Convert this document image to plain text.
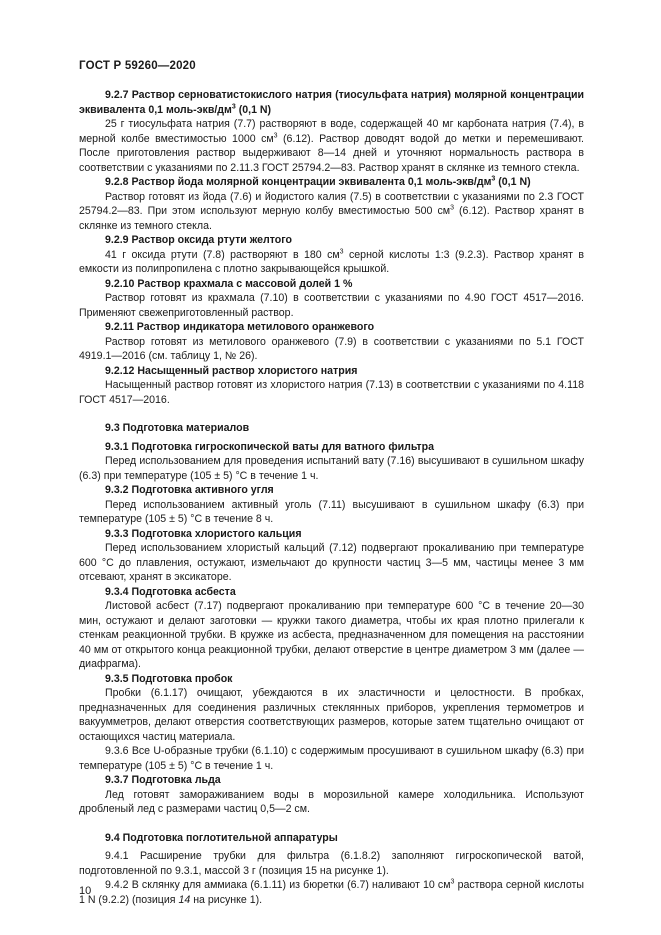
ГОСТ Р 59260—2020

9.2.7 Раствор серноватистокислого натрия (тиосульфата натрия) молярной концентрации эквивалента 0,1 моль-$экв/дм^3$ (0,1 N)

25 г тиосульфата натрия (7.7) растворяют в воде, содержащей 40 мг карбоната натрия (7.4), в мерной колбе вместимостью 1000 $см^3$ (6.12). Раствор доводят водой до метки и перемешивают. После приготовления раствор выдерживают 8—14 дней и уточняют нормальность раствора в соответствии с указаниями по 2.11.3 ГОСТ 25794.2—83. Раствор хранят в склянке из темного стекла.

9.2.8 Раствор йода молярной концентрации эквивалента 0,1 моль-$экв/дм^3$ (0,1 N)

Раствор готовят из йода (7.6) и йодистого калия (7.5) в соответствии с указаниями по 2.3 ГОСТ 25794.2—83. При этом используют мерную колбу вместимостью 500 $см^3$ (6.12). Раствор хранят в склянке из темного стекла.

9.2.9 Раствор оксида ртути желтого

41 г оксида ртути (7.8) растворяют в 180 $см^3$ серной кислоты 1:3 (9.2.3). Раствор хранят в емкости из полипропилена с плотно закрывающейся крышкой.

9.2.10 Раствор крахмала с массовой долей 1 %

Раствор готовят из крахмала (7.10) в соответствии с указаниями по 4.90 ГОСТ 4517—2016. Применяют свежеприготовленный раствор.

9.2.11 Раствор индикатора метилового оранжевого

Раствор готовят из метилового оранжевого (7.9) в соответствии с указаниями по 5.1 ГОСТ 4919.1—2016 (см. таблицу 1, № 26).

9.2.12 Насыщенный раствор хлористого натрия

Насыщенный раствор готовят из хлористого натрия (7.13) в соответствии с указаниями по 4.118 ГОСТ 4517—2016.

9.3 Подготовка материалов

9.3.1 Подготовка гигроскопической ваты для ватного фильтра

Перед использованием для проведения испытаний вату (7.16) высушивают в сушильном шкафу (6.3) при температуре (105 ± 5) °С в течение 1 ч.

9.3.2 Подготовка активного угля

Перед использованием активный уголь (7.11) высушивают в сушильном шкафу (6.3) при температуре (105 ± 5) °С в течение 8 ч.

9.3.3 Подготовка хлористого кальция

Перед использованием хлористый кальций (7.12) подвергают прокаливанию при температуре 600 °С до плавления, остужают, измельчают до крупности частиц 3—5 мм, частицы менее 3 мм отсевают, хранят в эксикаторе.

9.3.4 Подготовка асбеста

Листовой асбест (7.17) подвергают прокаливанию при температуре 600 °С в течение 20—30 мин, остужают и делают заготовки — кружки такого диаметра, чтобы их края плотно прилегали к стенкам реакционной трубки. В кружке из асбеста, предназначенном для помещения на расстоянии 40 мм от открытого конца реакционной трубки, делают отверстие в центре диаметром 3 мм (далее — диафрагма).

9.3.5 Подготовка пробок

Пробки (6.1.17) очищают, убеждаются в их эластичности и целостности. В пробках, предназначенных для соединения различных стеклянных приборов, укрепления термометров и вакуумметров, делают отверстия соответствующих размеров, которые затем тщательно очищают от остающихся частиц материала.

9.3.6 Все U-образные трубки (6.1.10) с содержимым просушивают в сушильном шкафу (6.3) при температуре (105 ± 5) °С в течение 1 ч.

9.3.7 Подготовка льда

Лед готовят замораживанием воды в морозильной камере холодильника. Используют дробленый лед с размерами частиц 0,5—2 см.

9.4 Подготовка поглотительной аппаратуры

9.4.1 Расширение трубки для фильтра (6.1.8.2) заполняют гигроскопической ватой, подготовленной по 9.3.1, массой 3 г (позиция 15 на рисунке 1).

9.4.2 В склянку для аммиака (6.1.11) из бюретки (6.7) наливают 10 $см^3$ раствора серной кислоты 1 N (9.2.2) (позиция 14 на рисунке 1).

10
